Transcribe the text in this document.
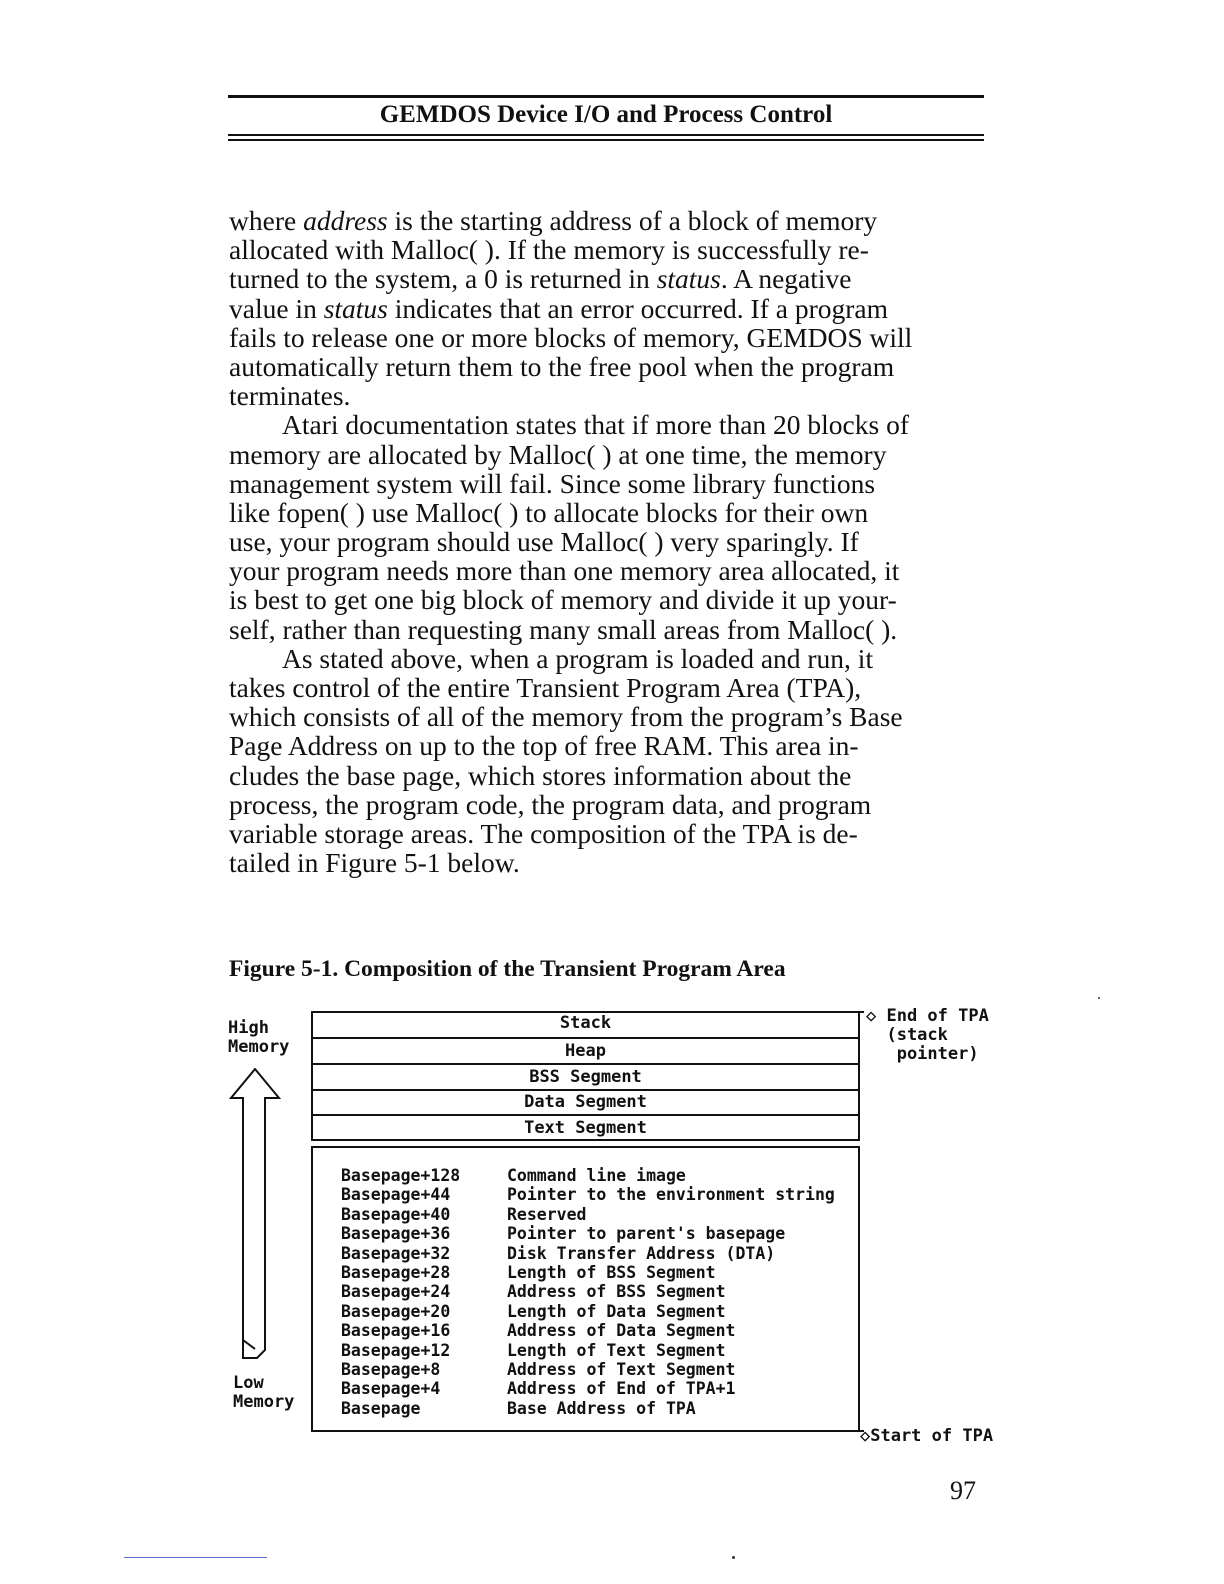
GEMDOS Device I/O and Process Control
where address is the starting address of a block of memory
allocated with Malloc( ). If the memory is successfully re-
turned to the system, a 0 is returned in status. A negative
value in status indicates that an error occurred. If a program
fails to release one or more blocks of memory, GEMDOS will
automatically return them to the free pool when the program
terminates.
Atari documentation states that if more than 20 blocks of
memory are allocated by Malloc( ) at one time, the memory
management system will fail. Since some library functions
like fopen( ) use Malloc( ) to allocate blocks for their own
use, your program should use Malloc( ) very sparingly. If
your program needs more than one memory area allocated, it
is best to get one big block of memory and divide it up your-
self, rather than requesting many small areas from Malloc( ).
As stated above, when a program is loaded and run, it
takes control of the entire Transient Program Area (TPA),
which consists of all of the memory from the program’s Base
Page Address on up to the top of free RAM. This area in-
cludes the base page, which stores information about the
process, the program code, the program data, and program
variable storage areas. The composition of the TPA is de-
tailed in Figure 5-1 below.
Figure 5-1. Composition of the Transient Program Area
High
Memory
Low
Memory
Stack
Heap
BSS Segment
Data Segment
Text Segment
Basepage+128	Command line image
Basepage+44	Pointer to the environment string
Basepage+40	Reserved
Basepage+36	Pointer to parent's basepage
Basepage+32	Disk Transfer Address (DTA)
Basepage+28	Length of BSS Segment
Basepage+24	Address of BSS Segment
Basepage+20	Length of Data Segment
Basepage+16	Address of Data Segment
Basepage+12	Length of Text Segment
Basepage+8	Address of Text Segment
Basepage+4	Address of End of TPA+1
Basepage	Base Address of TPA
◇ End of TPA
(stack
pointer)
◇Start of TPA
97
